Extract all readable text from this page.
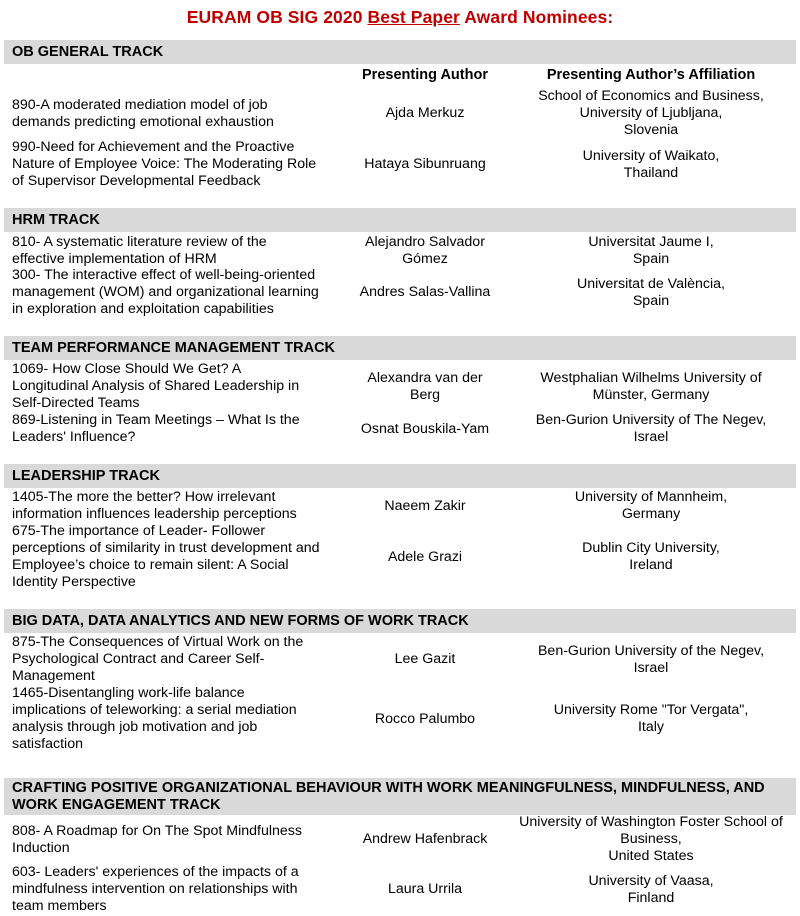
EURAM OB SIG 2020 Best Paper Award Nominees:
OB GENERAL TRACK
Presenting Author	Presenting Author’s Affiliation
890-A moderated mediation model of job
demands predicting emotional exhaustion
Ajda Merkuz
School of Economics and Business,
University of Ljubljana,
Slovenia
990-Need for Achievement and the Proactive
Nature of Employee Voice: The Moderating Role
of Supervisor Developmental Feedback
Hataya Sibunruang
University of Waikato,
Thailand
HRM TRACK
810- A systematic literature review of the
effective implementation of HRM
Alejandro Salvador
Gómez
Universitat Jaume I,
Spain
300- The interactive effect of well-being-oriented
management (WOM) and organizational learning
in exploration and exploitation capabilities
Andres Salas-Vallina
Universitat de València,
Spain
TEAM PERFORMANCE MANAGEMENT TRACK
1069- How Close Should We Get? A
Longitudinal Analysis of Shared Leadership in
Self-Directed Teams
Alexandra van der
Berg
Westphalian Wilhelms University of
Münster, Germany
869-Listening in Team Meetings – What Is the
Leaders' Influence?
Osnat Bouskila-Yam
Ben-Gurion University of The Negev,
Israel
LEADERSHIP TRACK
1405-The more the better? How irrelevant
information influences leadership perceptions
Naeem Zakir
University of Mannheim,
Germany
675-The importance of Leader- Follower
perceptions of similarity in trust development and
Employee’s choice to remain silent: A Social
Identity Perspective
Adele Grazi
Dublin City University,
Ireland
BIG DATA, DATA ANALYTICS AND NEW FORMS OF WORK TRACK
875-The Consequences of Virtual Work on the
Psychological Contract and Career Self-
Management
Lee Gazit
Ben-Gurion University of the Negev,
Israel
1465-Disentangling work-life balance
implications of teleworking: a serial mediation
analysis through job motivation and job
satisfaction
Rocco Palumbo
University Rome "Tor Vergata",
Italy
CRAFTING POSITIVE ORGANIZATIONAL BEHAVIOUR WITH WORK MEANINGFULNESS, MINDFULNESS, AND
WORK ENGAGEMENT TRACK
808- A Roadmap for On The Spot Mindfulness
Induction
Andrew Hafenbrack
University of Washington Foster School of
Business,
United States
603- Leaders' experiences of the impacts of a
mindfulness intervention on relationships with
team members
Laura Urrila
University of Vaasa,
Finland
